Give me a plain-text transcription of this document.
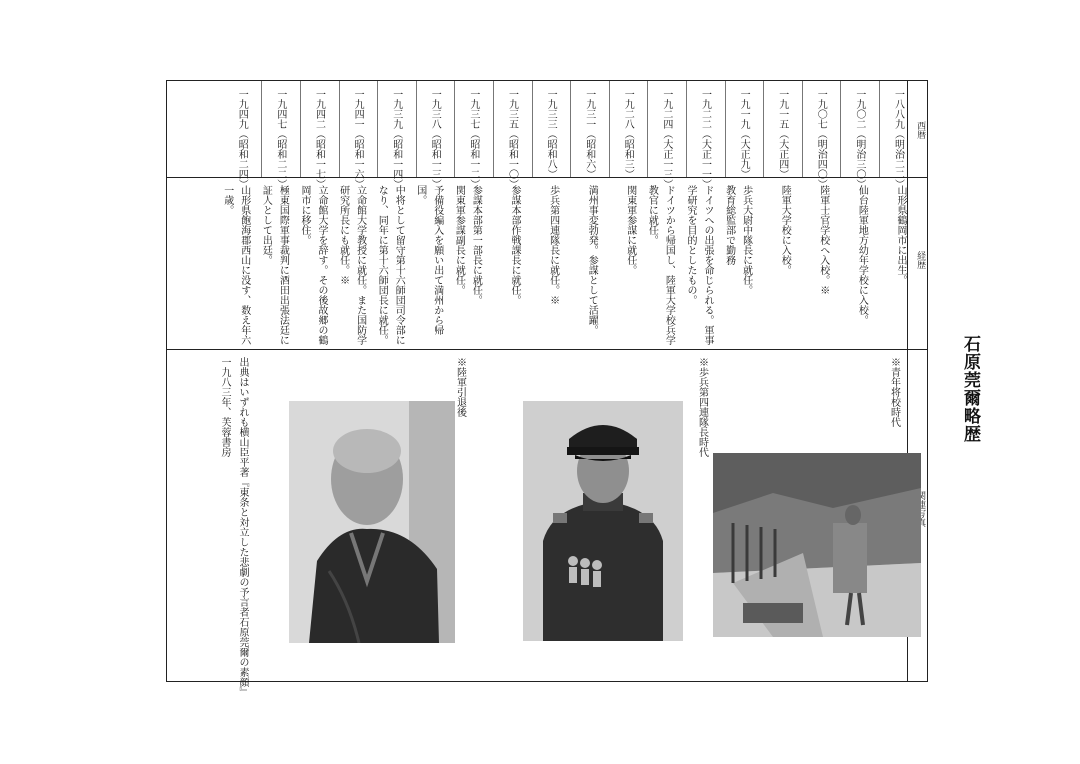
石原莞爾略歴
西暦
経歴
一八八九（明治二二）
山形県鶴岡市に出生。
一九〇二（明治三〇）
仙台陸軍地方幼年学校に入校。
一九〇七（明治四〇）
陸軍士官学校へ入校。※
一九一五（大正四）
陸軍大学校に入校。
一九一九（大正九）
歩兵大尉中隊長に就任。
教育総監部で勤務
一九二二（大正一一）
ドイツへの出張を命じられる。軍事
学研究を目的としたもの。
一九二四（大正一三）
ドイツから帰国し、陸軍大学校兵学
教官に就任。
一九二八（昭和三）
関東軍参謀に就任。
一九三一（昭和六）
満州事変勃発。参謀として活躍。
一九三三（昭和八）
歩兵第四連隊長に就任。※
一九三五（昭和一〇）
参謀本部作戦課長に就任。
一九三七（昭和一二）
参謀本部第一部長に就任。
関東軍参謀副長に就任。
一九三八（昭和一三）
予備役編入を願い出て満州から帰
国。
一九三九（昭和一四）
中将として留守第十六師団司令部に
なり、同年に第十六師団長に就任。
一九四一（昭和一六）
立命館大学教授に就任。また国防学
研究所長にも就任。※
一九四二（昭和一七）
立命館大学を辞す。その後故郷の鶴
岡市に移住。
一九四七（昭和二二）
極東国際軍事裁判に酒田出張法廷に
証人として出廷。
一九四九（昭和二四）
山形県飽海郡西山に没す、数え年六
一歳。
※青年将校時代
※歩兵第四連隊長時代
※陸軍引退後
出典はいずれも横山臣平著『東条と対立した悲劇の予言者石原莞爾の素顔』
一九八三年、芙蓉書房
